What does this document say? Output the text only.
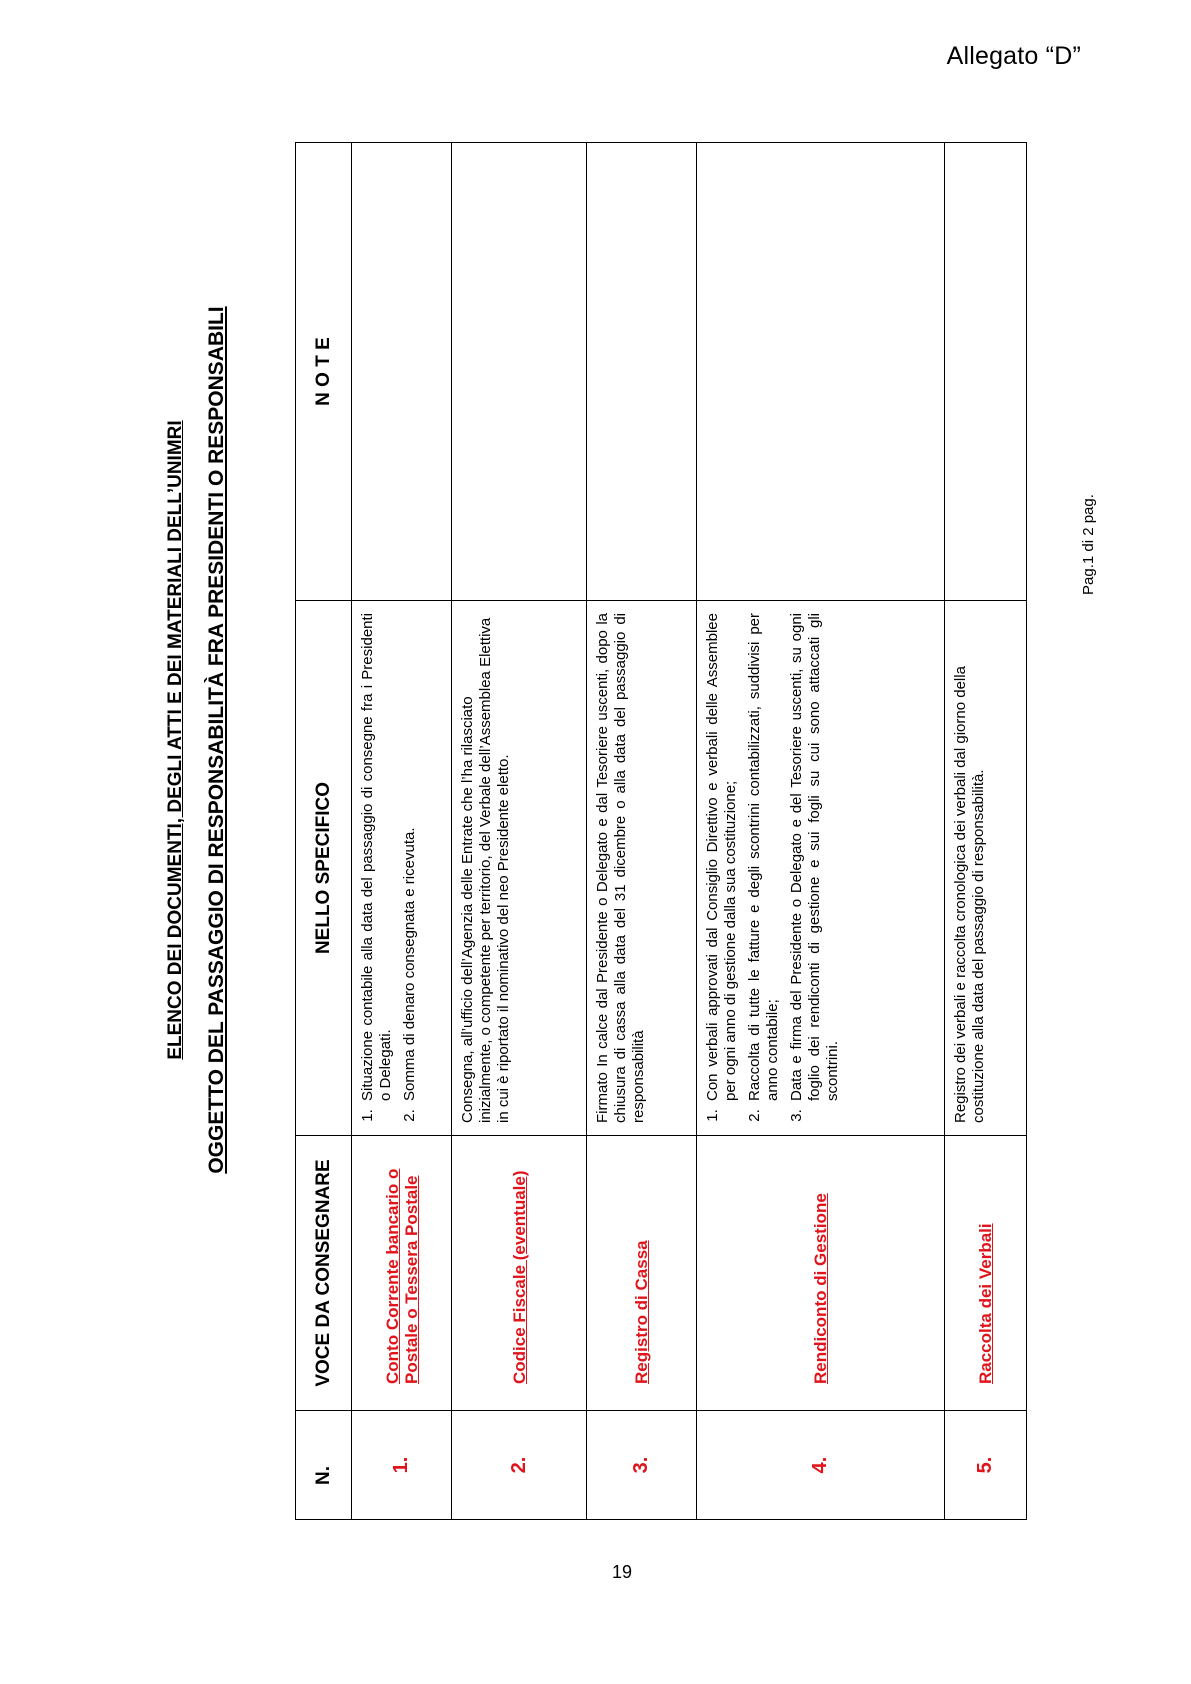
Allegato “D”
ELENCO DEI DOCUMENTI, DEGLI ATTI E DEI MATERIALI DELL’UNIMRI OGGETTO DEL PASSAGGIO DI RESPONSABILITÀ FRA PRESIDENTI O RESPONSABILI
N.
VOCE DA CONSEGNARE
NELLO SPECIFICO
N O T E
1.
Conto Corrente bancario o Postale o Tessera Postale
1. Situazione contabile alla data del passaggio di consegne fra i Presidenti o Delegati. 2. Somma di denaro consegnata e ricevuta.
2.
Codice Fiscale (eventuale)
Consegna, all’ufficio dell’Agenzia delle Entrate che l’ha rilasciato inizialmente, o competente per territorio, del Verbale dell’Assemblea Elettiva in cui è riportato il nominativo del neo Presidente eletto.
3.
Registro di Cassa
Firmato In calce dal Presidente o Delegato e dal Tesoriere uscenti, dopo la chiusura di cassa alla data del 31 dicembre o alla data del passaggio di responsabilità
4.
Rendiconto di Gestione
1. Con verbali approvati dal Consiglio Direttivo e verbali delle Assemblee per ogni anno di gestione dalla sua costituzione; 2. Raccolta di tutte le fatture e degli scontrini contabilizzati, suddivisi per anno contabile; 3. Data e firma del Presidente o Delegato e del Tesoriere uscenti, su ogni foglio dei rendiconti di gestione e sui fogli su cui sono attaccati gli scontrini.
5.
Raccolta dei Verbali
Registro dei verbali e raccolta cronologica dei verbali dal giorno della costituzione alla data del passaggio di responsabilità.
Pag.1 di 2 pag.
19
